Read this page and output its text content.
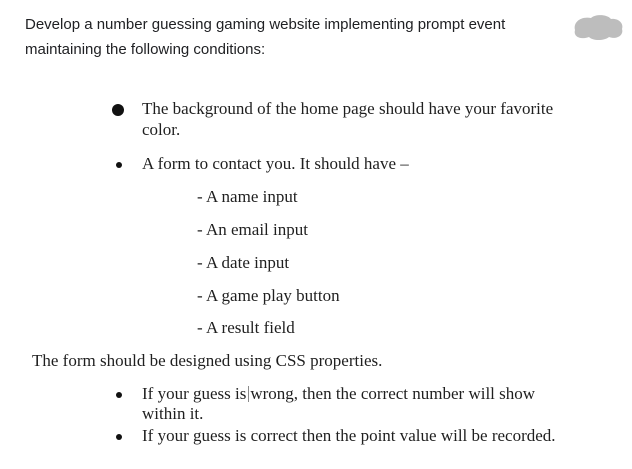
Develop a number guessing gaming website implementing prompt event

maintaining the following conditions:

The background of the home page should have your favorite
color.
A form to contact you. It should have –
- A name input
- An email input
- A date input
- A game play button
- A result field
The form should be designed using CSS properties.
If your guess is wrong, then the correct number will show
within it.
If your guess is correct then the point value will be recorded.
